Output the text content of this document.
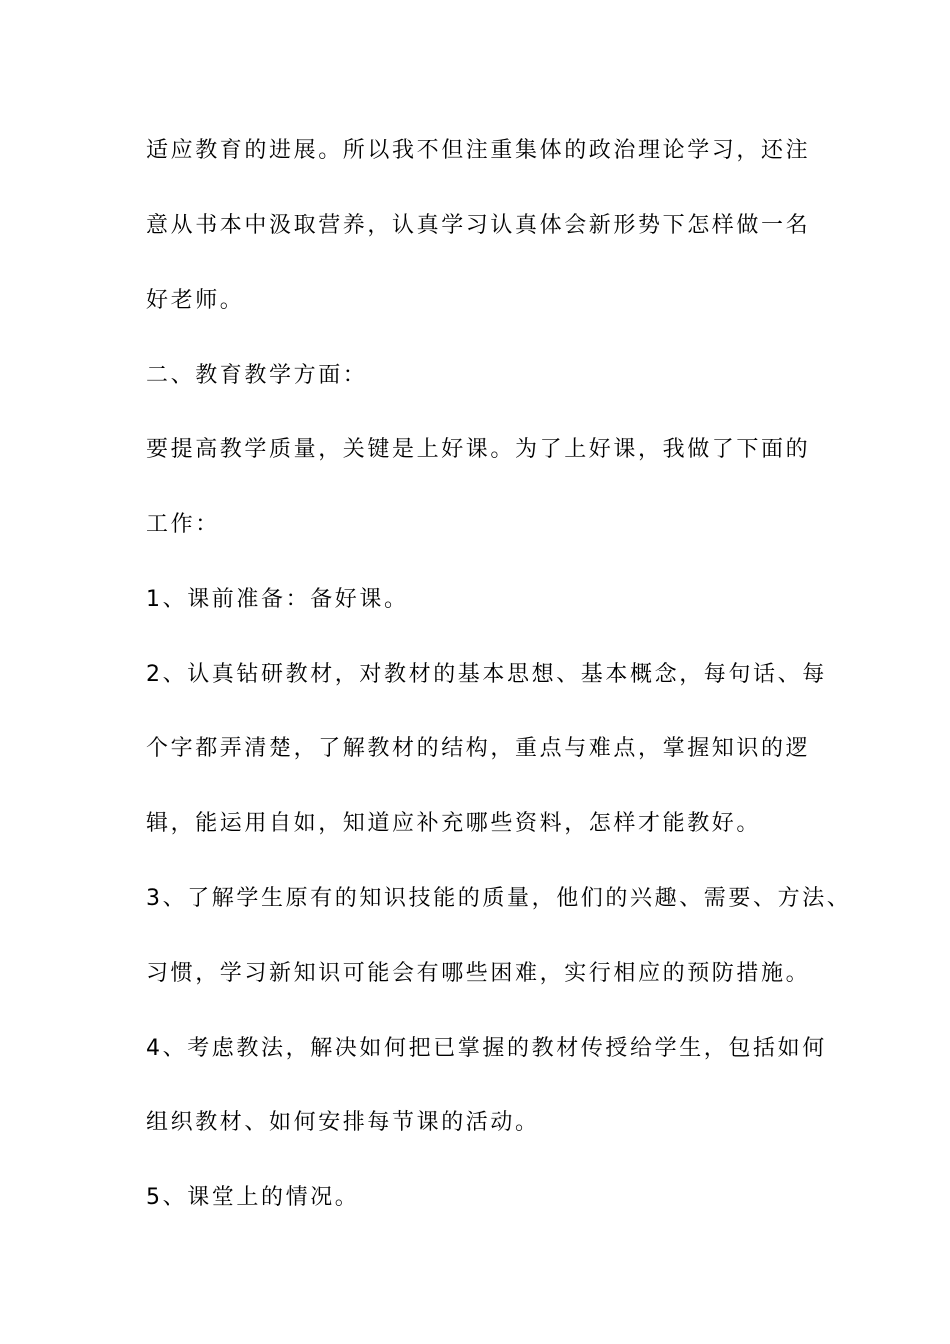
适应教育的进展。所以我不但注重集体的政治理论学习，还注
意从书本中汲取营养，认真学习认真体会新形势下怎样做一名
好老师。
二、教育教学方面：
要提高教学质量，关键是上好课。为了上好课，我做了下面的
工作：
1、课前准备：备好课。
2、认真钻研教材，对教材的基本思想、基本概念，每句话、每
个字都弄清楚，了解教材的结构，重点与难点，掌握知识的逻
辑，能运用自如，知道应补充哪些资料，怎样才能教好。
3、了解学生原有的知识技能的质量，他们的兴趣、需要、方法、
习惯，学习新知识可能会有哪些困难，实行相应的预防措施。
4、考虑教法，解决如何把已掌握的教材传授给学生，包括如何
组织教材、如何安排每节课的活动。
5、课堂上的情况。
